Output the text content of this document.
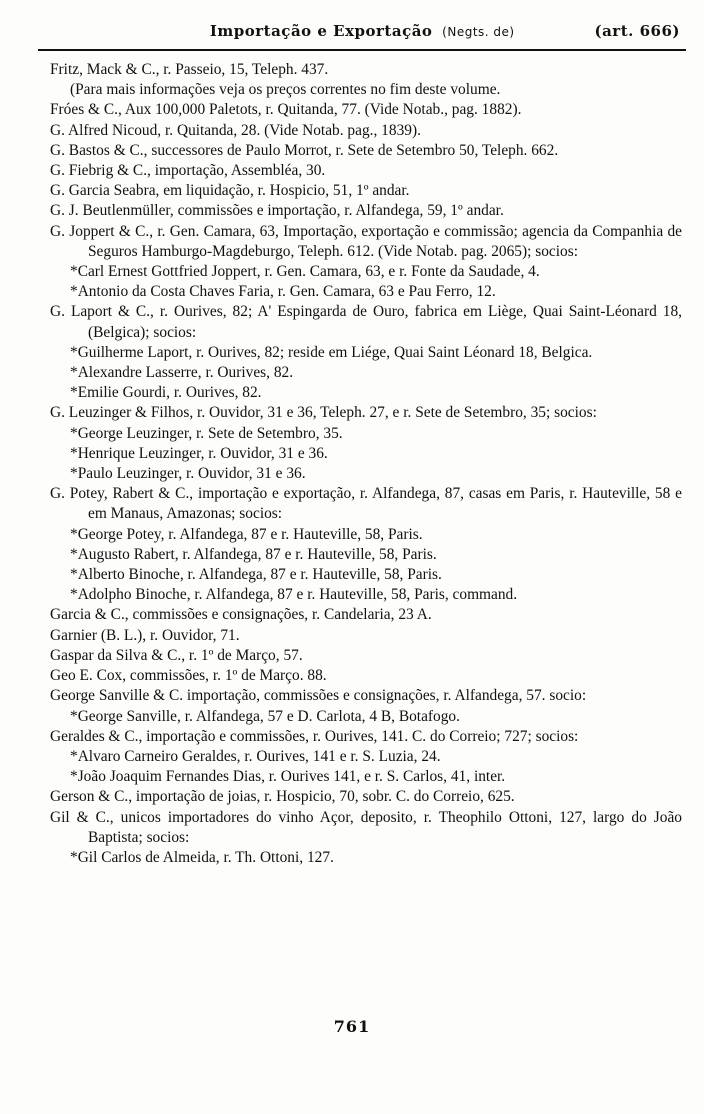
Importação e Exportação (Negts. de)	(art. 666)

Fritz, Mack & C., r. Passeio, 15, Teleph. 437.

(Para mais informações veja os preços correntes no fim deste volume.

Fróes & C., Aux 100,000 Paletots, r. Quitanda, 77. (Vide Notab., pag. 1882).

G. Alfred Nicoud, r. Quitanda, 28. (Vide Notab. pag., 1839).

G. Bastos & C., successores de Paulo Morrot, r. Sete de Setembro 50, Teleph. 662.

G. Fiebrig & C., importação, Assembléa, 30.

G. Garcia Seabra, em liquidação, r. Hospicio, 51, 1º andar.

G. J. Beutlenmüller, commissões e importação, r. Alfandega, 59, 1º andar.

G. Joppert & C., r. Gen. Camara, 63, Importação, exportação e commissão; agencia da Companhia de Seguros Hamburgo-Magdeburgo, Teleph. 612. (Vide Notab. pag. 2065); socios:

*Carl Ernest Gottfried Joppert, r. Gen. Camara, 63, e r. Fonte da Saudade, 4.

*Antonio da Costa Chaves Faria, r. Gen. Camara, 63 e Pau Ferro, 12.

G. Laport & C., r. Ourives, 82; A' Espingarda de Ouro, fabrica em Liège, Quai Saint-Léonard 18, (Belgica); socios:

*Guilherme Laport, r. Ourives, 82; reside em Liége, Quai Saint Léonard 18, Belgica.

*Alexandre Lasserre, r. Ourives, 82.

*Emilie Gourdi, r. Ourives, 82.

G. Leuzinger & Filhos, r. Ouvidor, 31 e 36, Teleph. 27, e r. Sete de Setembro, 35; socios:

*George Leuzinger, r. Sete de Setembro, 35.

*Henrique Leuzinger, r. Ouvidor, 31 e 36.

*Paulo Leuzinger, r. Ouvidor, 31 e 36.

G. Potey, Rabert & C., importação e exportação, r. Alfandega, 87, casas em Paris, r. Hauteville, 58 e em Manaus, Amazonas; socios:

*George Potey, r. Alfandega, 87 e r. Hauteville, 58, Paris.

*Augusto Rabert, r. Alfandega, 87 e r. Hauteville, 58, Paris.

*Alberto Binoche, r. Alfandega, 87 e r. Hauteville, 58, Paris.

*Adolpho Binoche, r. Alfandega, 87 e r. Hauteville, 58, Paris, command.

Garcia & C., commissões e consignações, r. Candelaria, 23 A.

Garnier (B. L.), r. Ouvidor, 71.

Gaspar da Silva & C., r. 1º de Março, 57.

Geo E. Cox, commissões, r. 1º de Março. 88.

George Sanville & C. importação, commissões e consignações, r. Alfandega, 57. socio:

*George Sanville, r. Alfandega, 57 e D. Carlota, 4 B, Botafogo.

Geraldes & C., importação e commissões, r. Ourives, 141. C. do Correio; 727; socios:

*Alvaro Carneiro Geraldes, r. Ourives, 141 e r. S. Luzia, 24.

*João Joaquim Fernandes Dias, r. Ourives 141, e r. S. Carlos, 41, inter.

Gerson & C., importação de joias, r. Hospicio, 70, sobr. C. do Correio, 625.

Gil & C., unicos importadores do vinho Açor, deposito, r. Theophilo Ottoni, 127, largo do João Baptista; socios:

*Gil Carlos de Almeida, r. Th. Ottoni, 127.

761
